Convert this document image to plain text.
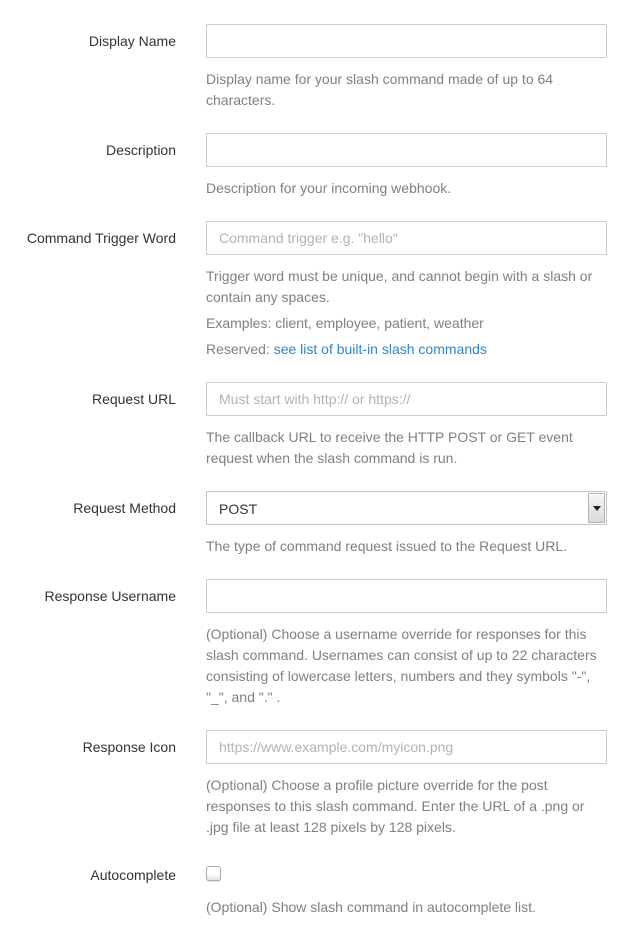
Display Name

Display name for your slash command made of up to 64 characters.

Description

Description for your incoming webhook.

Command Trigger Word
Command trigger e.g. "hello"

Trigger word must be unique, and cannot begin with a slash or contain any spaces.

Examples: client, employee, patient, weather

Reserved: see list of built-in slash commands

Request URL
Must start with http:// or https://

The callback URL to receive the HTTP POST or GET event request when the slash command is run.

Request Method	POST

The type of command request issued to the Request URL.

Response Username

(Optional) Choose a username override for responses for this slash command. Usernames can consist of up to 22 characters consisting of lowercase letters, numbers and they symbols "-", "_", and "." .

Response Icon
https://www.example.com/myicon.png

(Optional) Choose a profile picture override for the post responses to this slash command. Enter the URL of a .png or .jpg file at least 128 pixels by 128 pixels.

Autocomplete

(Optional) Show slash command in autocomplete list.
